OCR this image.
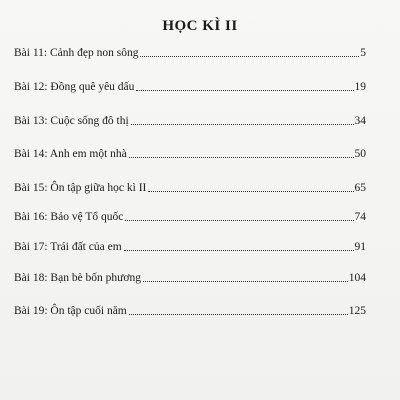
HỌC KÌ II
Bài 11: Cảnh đẹp non sông	5
Bài 12: Đồng quê yêu dấu	19
Bài 13: Cuộc sống đô thị	34
Bài 14: Anh em một nhà	50
Bài 15: Ôn tập giữa học kì II	65
Bài 16: Bảo vệ Tổ quốc	74
Bài 17: Trái đất của em	91
Bài 18: Bạn bè bốn phương	104
Bài 19: Ôn tập cuối năm	125
